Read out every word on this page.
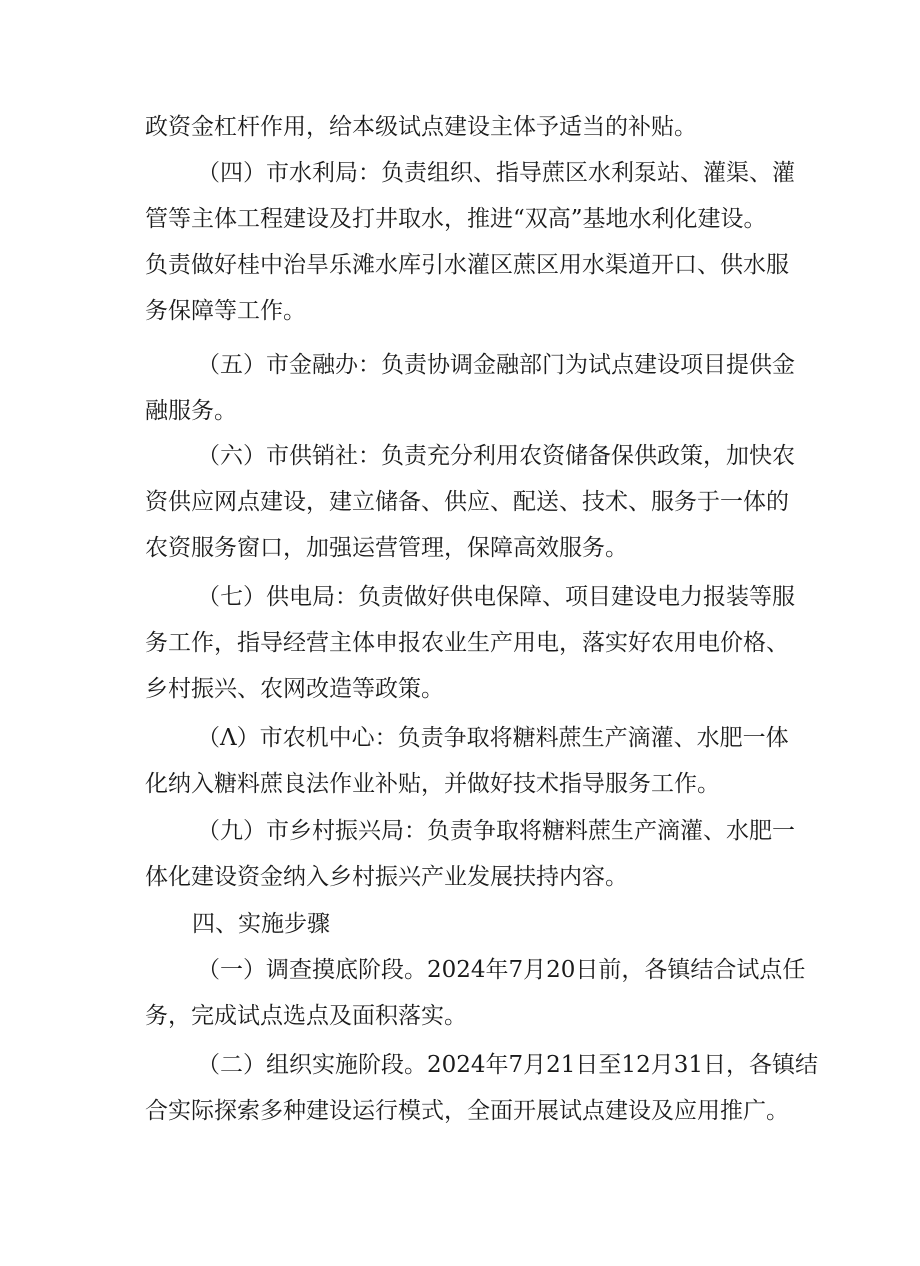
政资金杠杆作用，给本级试点建设主体予适当的补贴。
（四）市水利局：负责组织、指导蔗区水利泵站、灌渠、灌
管等主体工程建设及打井取水，推进“双高”基地水利化建设。
负责做好桂中治旱乐滩水库引水灌区蔗区用水渠道开口、供水服
务保障等工作。
（五）市金融办：负责协调金融部门为试点建设项目提供金
融服务。
（六）市供销社：负责充分利用农资储备保供政策，加快农
资供应网点建设，建立储备、供应、配送、技术、服务于一体的
农资服务窗口，加强运营管理，保障高效服务。
（七）供电局：负责做好供电保障、项目建设电力报装等服
务工作，指导经营主体申报农业生产用电，落实好农用电价格、
乡村振兴、农网改造等政策。
（Λ）市农机中心：负责争取将糖料蔗生产滴灌、水肥一体
化纳入糖料蔗良法作业补贴，并做好技术指导服务工作。
（九）市乡村振兴局：负责争取将糖料蔗生产滴灌、水肥一
体化建设资金纳入乡村振兴产业发展扶持内容。
四、实施步骤
（一）调查摸底阶段。2024年7月20日前，各镇结合试点任
务，完成试点选点及面积落实。
（二）组织实施阶段。2024年7月21日至12月31日，各镇结
合实际探索多种建设运行模式，全面开展试点建设及应用推广。
